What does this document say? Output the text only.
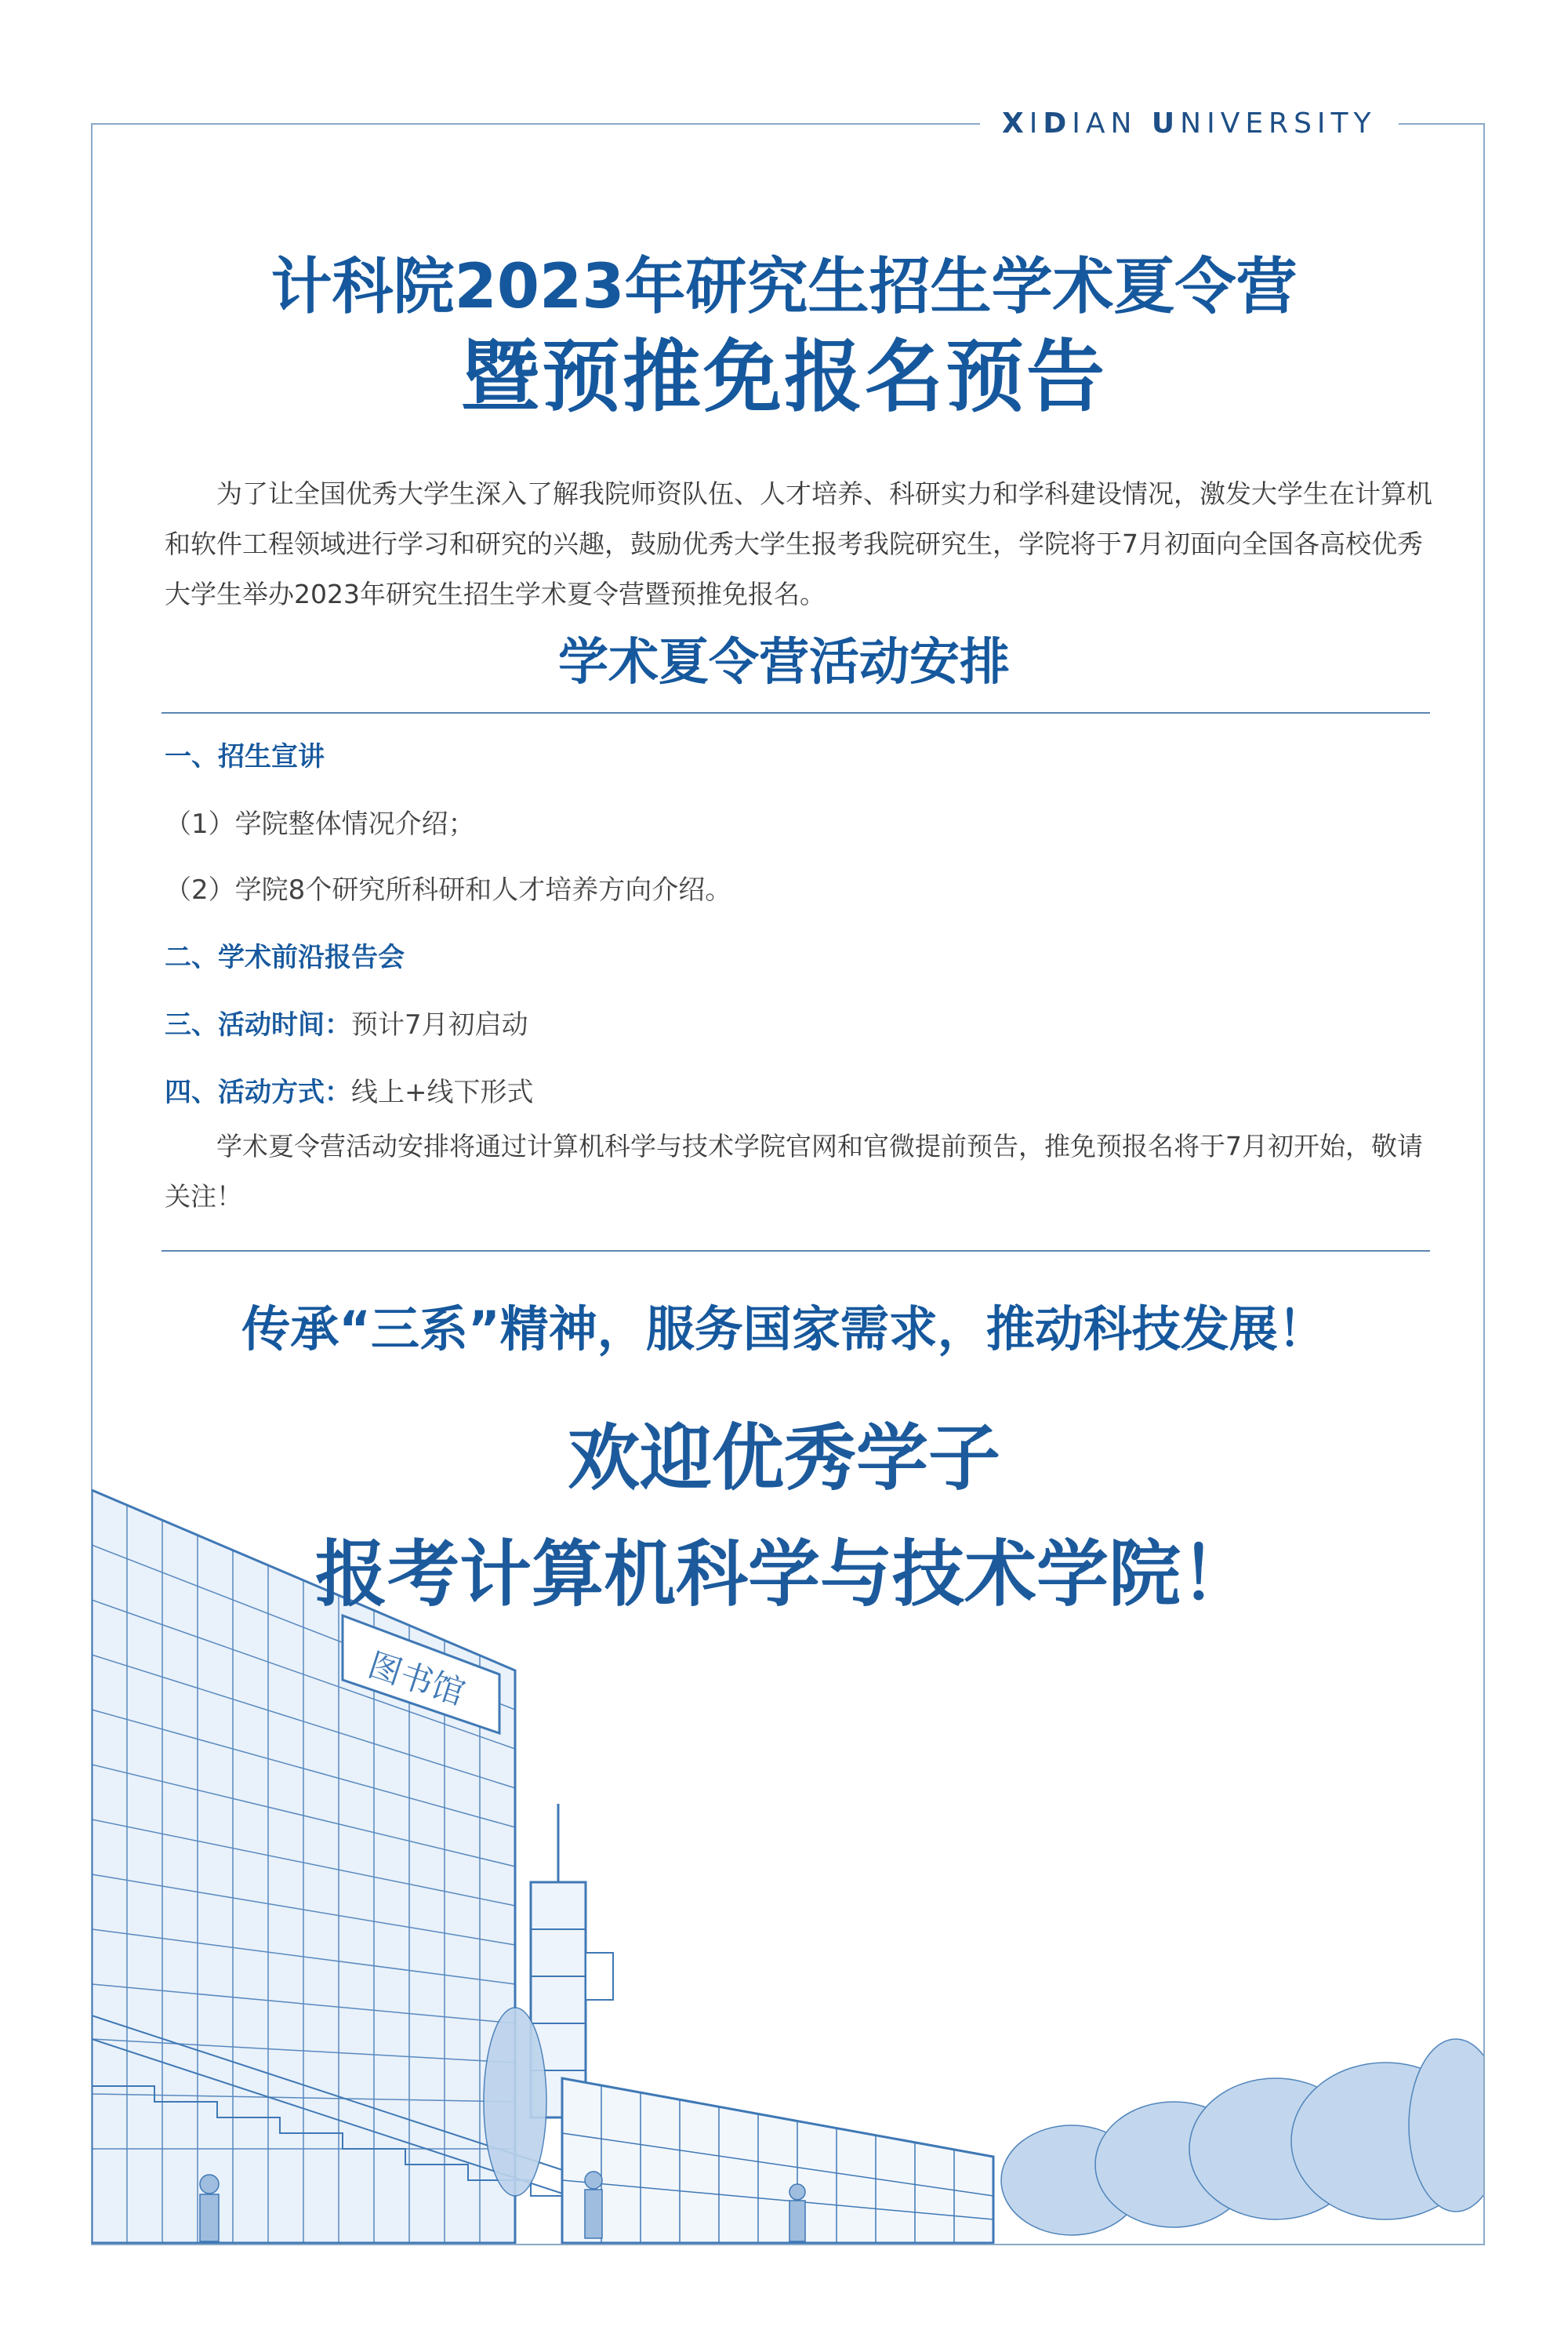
XIDIAN UNIVERSITY
计科院2023年研究生招生学术夏令营
暨预推免报名预告
为了让全国优秀大学生深入了解我院师资队伍、人才培养、科研实力和学科建设情况，激发大学生在计算机和软件工程领域进行学习和研究的兴趣，鼓励优秀大学生报考我院研究生，学院将于7月初面向全国各高校优秀大学生举办2023年研究生招生学术夏令营暨预推免报名。
学术夏令营活动安排
一、招生宣讲
（1）学院整体情况介绍；
（2）学院8个研究所科研和人才培养方向介绍。
二、学术前沿报告会
三、活动时间：预计7月初启动
四、活动方式：线上+线下形式
学术夏令营活动安排将通过计算机科学与技术学院官网和官微提前预告，推免预报名将于7月初开始，敬请关注！
传承“三系”精神，服务国家需求，推动科技发展！
图书馆
欢迎优秀学子
报考计算机科学与技术学院！
